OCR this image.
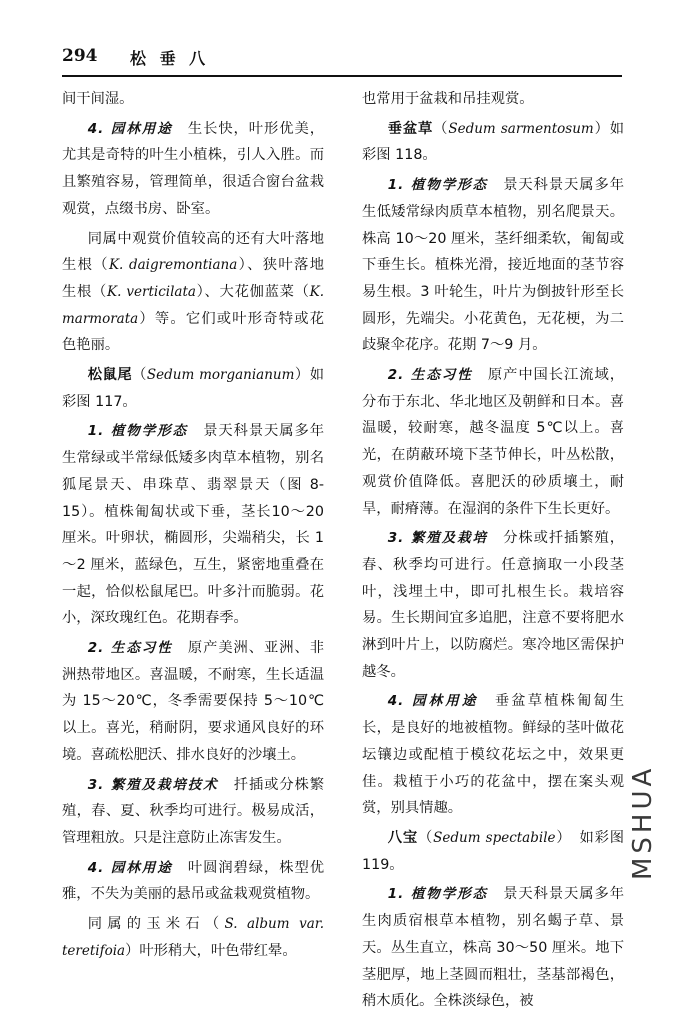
294 松 垂 八

间干间湿。

4. 园林用途　 生长快，叶形优美，尤其是奇特的叶生小植株，引人入胜。而且繁殖容易，管理简单，很适合窗台盆栽观赏，点缀书房、卧室。

同属中观赏价值较高的还有大叶落地生根（K. daigremontiana）、狭叶落地生根（K. verticilata）、大花伽蓝菜（K. marmorata）等。它们或叶形奇特或花色艳丽。

松鼠尾（Sedum morganianum）如彩图 117。

1. 植物学形态　 景天科景天属多年生常绿或半常绿低矮多肉草本植物，别名狐尾景天、串珠草、翡翠景天（图 8-15）。植株匍匐状或下垂，茎长10～20 厘米。叶卵状，椭圆形，尖端稍尖，长 1～2 厘米，蓝绿色，互生，紧密地重叠在一起，恰似松鼠尾巴。叶多汁而脆弱。花小，深玫瑰红色。花期春季。

2. 生态习性　 原产美洲、亚洲、非洲热带地区。喜温暖，不耐寒，生长适温为 15～20℃，冬季需要保持 5～10℃以上。喜光，稍耐阴，要求通风良好的环境。喜疏松肥沃、排水良好的沙壤土。

3. 繁殖及栽培技术　 扦插或分株繁殖，春、夏、秋季均可进行。极易成活，管理粗放。只是注意防止冻害发生。

4. 园林用途　 叶圆润碧绿，株型优雅，不失为美丽的悬吊或盆栽观赏植物。

同属的玉米石（S. album var. teretifoia）叶形稍大，叶色带红晕。

也常用于盆栽和吊挂观赏。

垂盆草（Sedum sarmentosum）如彩图 118。

1. 植物学形态　 景天科景天属多年生低矮常绿肉质草本植物，别名爬景天。株高 10～20 厘米，茎纤细柔软，匍匐或下垂生长。植株光滑，接近地面的茎节容易生根。3 叶轮生，叶片为倒披针形至长圆形，先端尖。小花黄色，无花梗，为二歧聚伞花序。花期 7～9 月。

2. 生态习性　 原产中国长江流域，分布于东北、华北地区及朝鲜和日本。喜温暖，较耐寒，越冬温度 5℃以上。喜光，在荫蔽环境下茎节伸长，叶丛松散，观赏价值降低。喜肥沃的砂质壤土，耐旱，耐瘠薄。在湿润的条件下生长更好。

3. 繁殖及栽培　 分株或扦插繁殖，春、秋季均可进行。任意摘取一小段茎叶，浅埋土中，即可扎根生长。栽培容易。生长期间宜多追肥，注意不要将肥水淋到叶片上，以防腐烂。寒冷地区需保护越冬。

4. 园林用途　 垂盆草植株匍匐生长，是良好的地被植物。鲜绿的茎叶做花坛镶边或配植于模纹花坛之中，效果更佳。栽植于小巧的花盆中，摆在案头观赏，别具情趣。

八宝（Sedum spectabile）　如彩图 119。

1. 植物学形态　 景天科景天属多年生肉质宿根草本植物，别名蝎子草、景天。丛生直立，株高 30～50 厘米。地下茎肥厚，地上茎圆而粗壮，茎基部褐色，稍木质化。全株淡绿色，被

MSHUA
